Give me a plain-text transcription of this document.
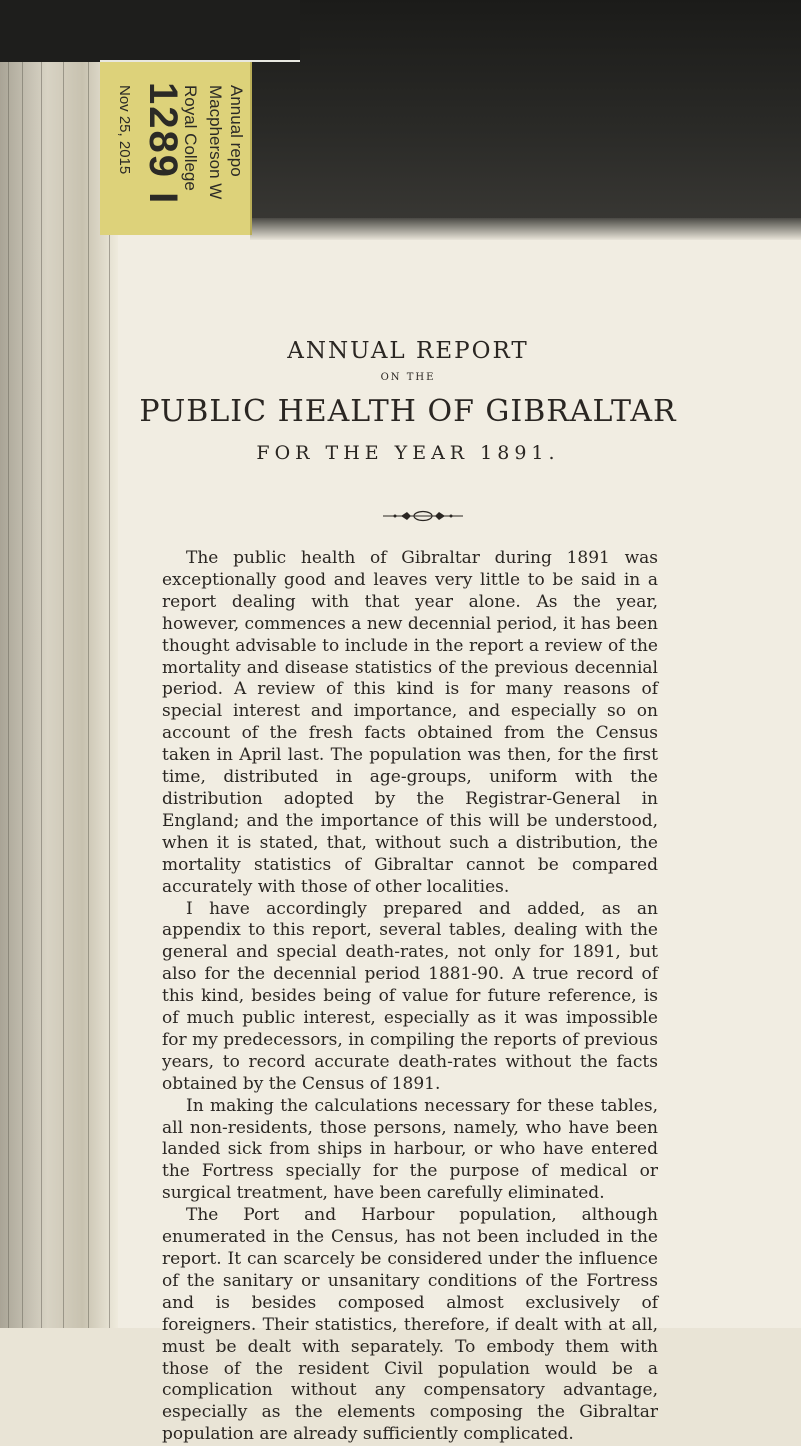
Annual repo
Macpherson W
Royal College
1289 I
Nov 25, 2015
ANNUAL REPORT
ON THE
PUBLIC HEALTH OF GIBRALTAR
FOR THE YEAR 1891.

The public health of Gibraltar during 1891 was exceptionally good and leaves very little to be said in a report dealing with that year alone. As the year, however, commences a new decennial period, it has been thought advisable to include in the report a review of the mortality and disease statistics of the previous decennial period. A review of this kind is for many reasons of special interest and importance, and especially so on account of the fresh facts obtained from the Census taken in April last. The population was then, for the first time, distributed in age-groups, uniform with the distribution adopted by the Registrar-General in England; and the importance of this will be understood, when it is stated, that, without such a distribution, the mortality statistics of Gibraltar cannot be compared accurately with those of other localities.

I have accordingly prepared and added, as an appendix to this report, several tables, dealing with the general and special death-rates, not only for 1891, but also for the decennial period 1881-90. A true record of this kind, besides being of value for future reference, is of much public interest, especially as it was impossible for my predecessors, in compiling the reports of previous years, to record accurate death-rates without the facts obtained by the Census of 1891.

In making the calculations necessary for these tables, all non-residents, those persons, namely, who have been landed sick from ships in harbour, or who have entered the Fortress specially for the purpose of medical or surgical treatment, have been carefully eliminated.

The Port and Harbour population, although enumerated in the Census, has not been included in the report. It can scarcely be considered under the influence of the sanitary or unsanitary conditions of the Fortress and is besides composed almost exclusively of foreigners. Their statistics, therefore, if dealt with at all, must be dealt with separately. To embody them with those of the resident Civil population would be a complication without any compensatory advantage, especially as the elements composing the Gibraltar population are already sufficiently complicated.
